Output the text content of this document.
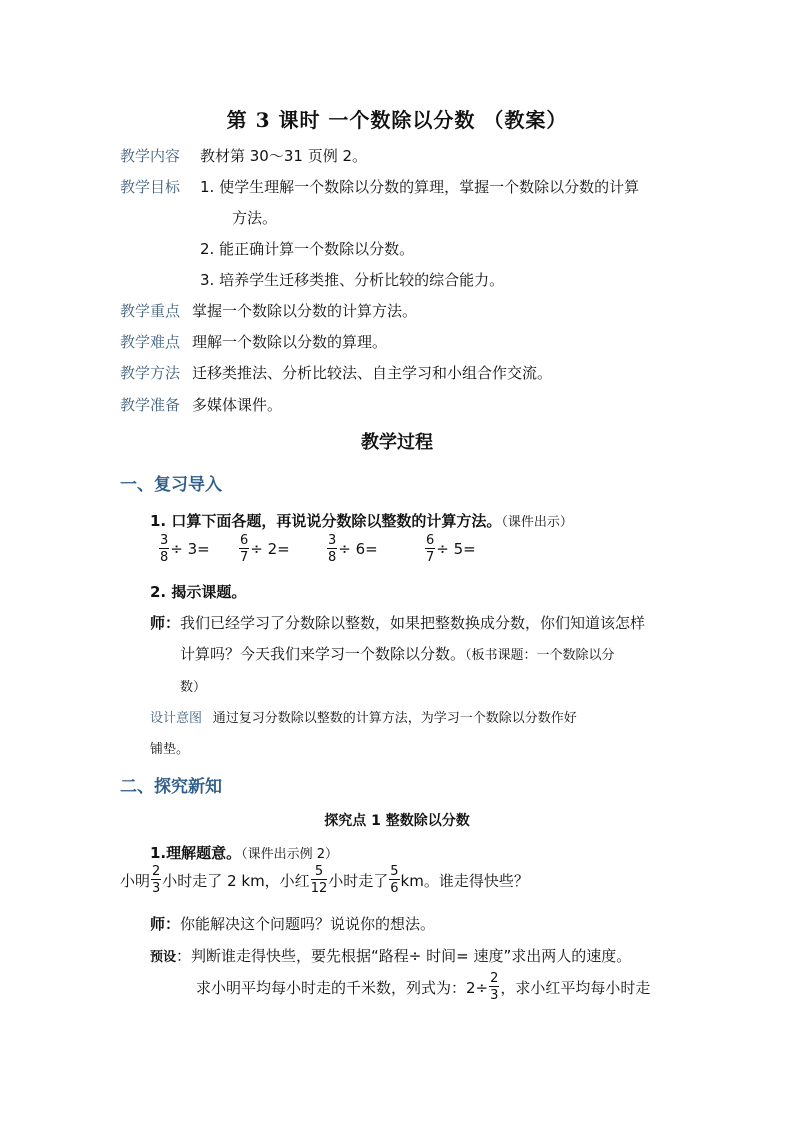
第 3 课时 一个数除以分数 （教案）
教学内容 教材第 30～31 页例 2。
教学目标 1. 使学生理解一个数除以分数的算理，掌握一个数除以分数的计算
方法。
2. 能正确计算一个数除以分数。
3. 培养学生迁移类推、分析比较的综合能力。
教学重点 掌握一个数除以分数的计算方法。
教学难点 理解一个数除以分数的算理。
教学方法 迁移类推法、分析比较法、自主学习和小组合作交流。
教学准备 多媒体课件。
教学过程
一、复习导入
1. 口算下面各题，再说说分数除以整数的计算方法。（课件出示）
$\frac{3}{8} \div 3= \frac{6}{7} \div 2=$	$\frac{3}{8} \div 6=$	$\frac{6}{7} \div 5=$
2. 揭示课题。
师：我们已经学习了分数除以整数，如果把整数换成分数，你们知道该怎样
计算吗？今天我们来学习一个数除以分数。（板书课题：一个数除以分
数）
设计意图 通过复习分数除以整数的计算方法，为学习一个数除以分数作好
铺垫。
二、探究新知
探究点 1 整数除以分数
1.理解题意。（课件出示例 2）
小明 $\frac{2}{3}$ 小时走了 2 km，小红 $\frac{5}{12}$ 小时走了 $\frac{5}{6}$ km。谁走得快些？
师：你能解决这个问题吗？说说你的想法。
预设：判断谁走得快些，要先根据“路程÷ 时间= 速度”求出两人的速度。
求小明平均每小时走的千米数，列式为：$2\div \frac{2}{3}$ ，求小红平均每小时走
